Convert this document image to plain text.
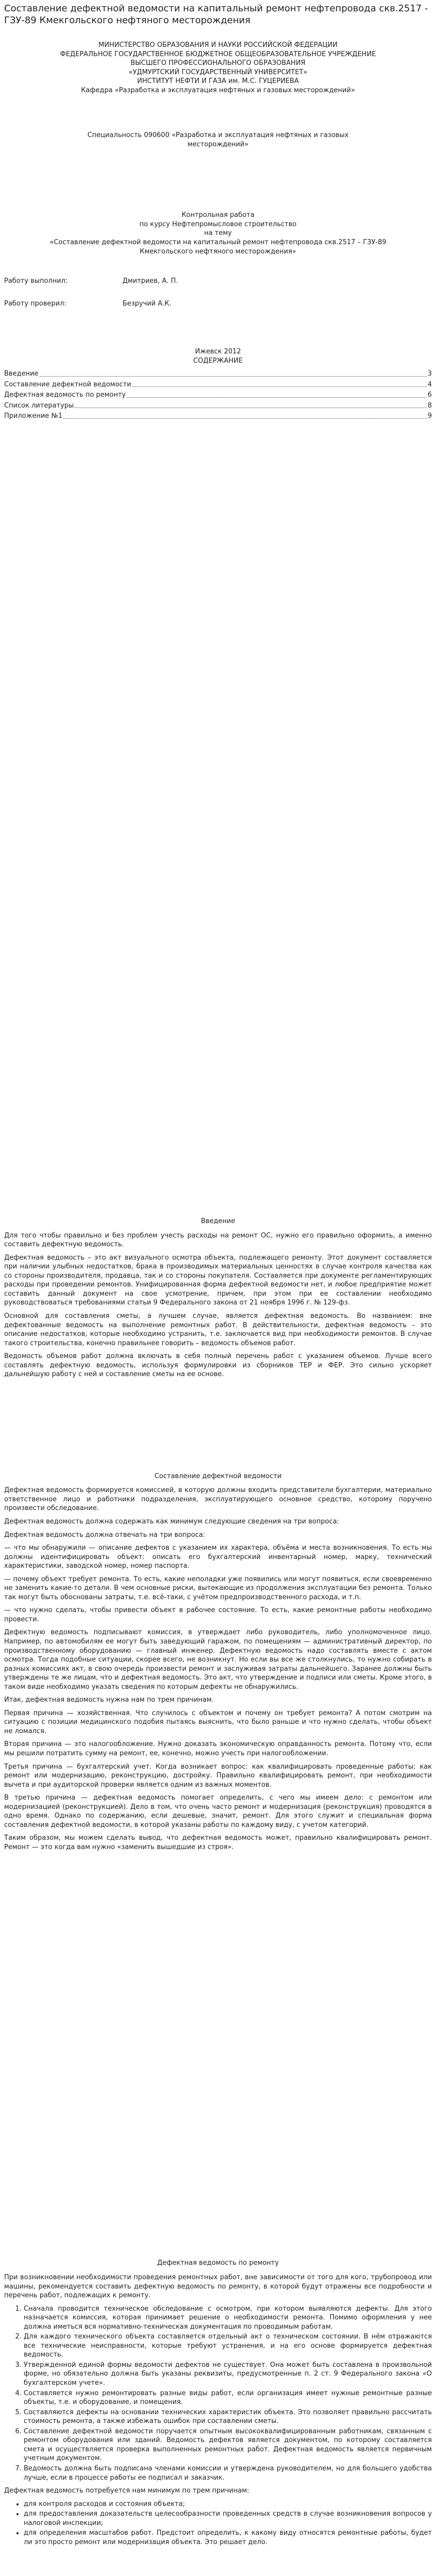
Составление дефектной ведомости на капитальный ремонт нефтепровода скв.2517 - ГЗУ-89 Кмекгольского нефтяного месторождения

МИНИСТЕРСТВО ОБРАЗОВАНИЯ И НАУКИ РОССИЙСКОЙ ФЕДЕРАЦИИ

ФЕДЕРАЛЬНОЕ ГОСУДАРСТВЕННОЕ БЮДЖЕТНОЕ ОБЩЕОБРАЗОВАТЕЛЬНОЕ УЧРЕЖДЕНИЕ

ВЫСШЕГО ПРОФЕССИОНАЛЬНОГО ОБРАЗОВАНИЯ

«УДМУРТСКИЙ ГОСУДАРСТВЕННЫЙ УНИВЕРСИТЕТ»

ИНСТИТУТ НЕФТИ И ГАЗА им. М.С. ГУЦЕРИЕВА

Кафедра «Разработка и эксплуатация нефтяных и газовых месторождений»

Специальность 090600 «Разработка и эксплуатация нефтяных и газовых месторождений»

Контрольная работа

по курсу Нефтепромысловое строительство

на тему

«Составление дефектной ведомости на капитальный ремонт нефтепровода скв.2517 – ГЗУ-89 Кмекгольского нефтяного месторождения»

Работу выполнил:	Дмитриев, А. П.
Работу проверил:	Безручий А.К.

Ижевск 2012

СОДЕРЖАНИЕ

Введение	3
Составление дефектной ведомости	4
Дефектная ведомость по ремонту	6
Список литературы	8
Приложение №1	9

Введение

Для того чтобы правильно и без проблем учесть расходы на ремонт ОС, нужно его правильно оформить, а именно составить дефектную ведомость.

Дефектная ведомость – это акт визуального осмотра объекта, подлежащего ремонту. Этот документ составляется при наличии улыбных недостатков, брака в производимых материальных ценностях в случае контроля качества как со стороны производителя, продавца, так и со стороны покупателя. Составляется при документе регламентирующих расходы при проведении ремонтов. Унифицированная форма дефектной ведомости нет, и любое предприятие может составить данный документ на свое усмотрение, причем, при этом при ее составлении необходимо руководствоваться требованиями статьи 9 Федерального закона от 21 ноября 1996 г. № 129-фз.

Основной для составления сметы, а лучшем случае, является дефектная ведомость. Во названием: вне дефектованные ведомость на выполнение ремонтных работ. В действительности, дефектная ведомость – это описание недостатков, которые необходимо устранить, т.е. заключается вид при необходимости ремонтов. В случае такого строительства, конечно правильнее говорить – ведомость объемов работ.

Ведомость объемов работ должна включать в себя полный перечень работ с указанием объемов. Лучше всего составлять дефектную ведомость, используя формулировки из сборников ТЕР и ФЕР. Это сильно ускоряет дальнейшую работу с ней и составление сметы на ее основе.

Составление дефектной ведомости

Дефектная ведомость формируется комиссией, в которую должны входить представители бухгалтерии, материально ответственное лицо и работники подразделения, эксплуатирующего основное средство, которому поручено произвести обследование.

Дефектная ведомость должна содержать как минимум следующие сведения на три вопроса:

Дефектная ведомость должна отвечать на три вопроса:

— что мы обнаружили — описание дефектов с указанием их характера, объёма и места возникновения. То есть мы должны идентифицировать объект: описать его бухгалтерский инвентарный номер, марку, технический характеристики, заводской номер, номер паспорта.

— почему объект требует ремонта. То есть, какие неполадки уже появились или могут появиться, если своевременно не заменить какие-то детали. В чем основные риски, вытекающие из продолжения эксплуатации без ремонта. Только так могут быть обоснованы затраты, т.е. всё-таки, с учётом предпроизводственного расхода, и т.п.

— что нужно сделать, чтобы привести объект в рабочее состояние. То есть, какие ремонтные работы необходимо провести.

Дефектную ведомость подписывают комиссия, в утверждает либо руководитель, либо уполномоченное лицо. Например, по автомобилям ее могут быть заведующий гаражом, по помещениям — административный директор, по производственному оборудованию — главный инженер. Дефектную ведомость надо составлять вместе с актом осмотра. Тогда подобные ситуации, скорее всего, не возникнут. Но если вы все же столкнулись, то нужно собирать в разных комиссиях акт, в свою очередь произвести ремонт и заслуживая затраты дальнейшего. Заранее должны быть утверждены те же лицам, что и дефектная ведомость. Это акт, что утверждение и подписи или сметы. Кроме этого, в таком виде необходимо указать сведения по которым дефекты не обнаружились.

Итак, дефектная ведомость нужна нам по трем причинам.

Первая причина — хозяйственная. Что случилось с объектом и почему он требует ремонта? А потом смотрим на ситуацию с позиции медицинского подобия пытаясь выяснить, что было раньше и что нужно сделать, чтобы объект не ломался.

Вторая причина — это налогообложение. Нужно доказать экономическую оправданность ремонта. Потому что, если мы решили потратить сумму на ремонт, ее, конечно, можно учесть при налогообложении.

Третья причина — бухгалтерский учет. Когда возникает вопрос: как квалифицировать проведенные работы: как ремонт или модернизацию, реконструкцию, достройку. Правильно квалифицировать ремонт, при необходимости вычета и при аудиторской проверки является одним из важных моментов.

В третью причина — дефектная ведомость помогает определить, с чего мы имеем дело: с ремонтом или модернизацией (реконструкцией). Дело в том, что очень часто ремонт и модернизация (реконструкция) проводятся в одно время. Однако по содержанию, если дешевые, значит, ремонт. Для этого служит и специальная форма составления дефектной ведомости, в которой указаны работы по каждому виду, с учетом категорий.

Таким образом, мы можем сделать вывод, что дефектная ведомость может, правильно квалифицировать ремонт. Ремонт — это когда вам нужно «заменить вышедшие из строя».

Дефектная ведомость по ремонту

При возникновении необходимости проведения ремонтных работ, вне зависимости от того для кого, трубопровод или машины, рекомендуется составить дефектную ведомость по ремонту, в которой будут отражены все подробности и перечень работ, подлежащих к ремонту.

1. Сначала проводится техническое обследование с осмотром, при котором выявляются дефекты. Для этого назначается комиссия, которая принимает решение о необходимости ремонта. Помимо оформления у нее должна иметься вся нормативно-техническая документация по проводимым работам.
2. Для каждого технического объекта составляется отдельный акт о техническом состоянии. В нём отражаются все технические неисправности, которые требуют устранения, и на его основе формируется дефектная ведомость.
3. Утвержденной единой формы ведомости дефектов не существует. Она может быть составлена в произвольной форме, но обязательно должна быть указаны реквизиты, предусмотренные п. 2 ст. 9 Федерального закона «О бухгалтерском учете».
4. Составляется нужно ремонтировать разные виды работ, если организация имеет нужные ремонтные разные объекты, т.е. и оборудование, и помещения.
5. Составляются дефекты на основании технических характеристик объекта. Это позволяет правильно рассчитать стоимость ремонта, а также избежать ошибок при составлении сметы.
6. Составление дефектной ведомости поручается опытным высококвалифицированным работникам, связанным с ремонтом оборудования или зданий. Ведомость дефектов является документом, по которому составляется смета и осуществляется проверка выполненных ремонтных работ. Дефектная ведомость является первичным учетным документом.
7. Ведомость должна быть подписана членами комиссии и утверждена руководителем, но для большего удобства лучше, если в процессе работы ее подписал и заказчик.

Дефектная ведомость потребуется нам минимум по трем причинам:

• для контроля расходов и состояния объекта;
• для предоставления доказательств целесообразности проведенных средств в случае возникновения вопросов у налоговой инспекции;
• для определения масштабов работ. Предстоит определить, к какому виду относятся ремонтные работы, будет ли это просто ремонт или модернизация объекта. Это решает дело.
